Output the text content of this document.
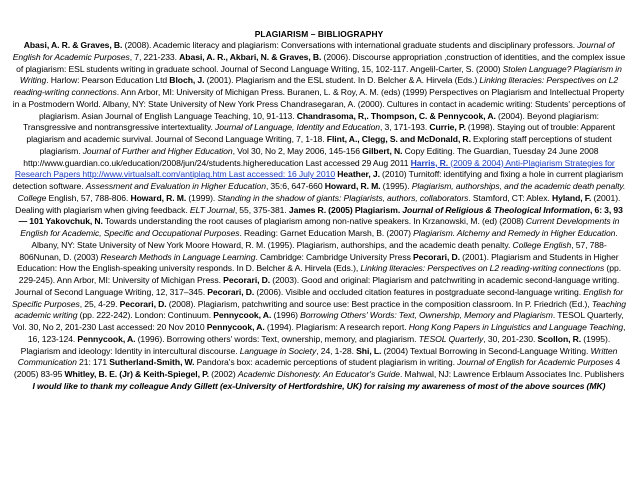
PLAGIARISM – BIBLIOGRAPHY
Abasi, A. R. & Graves, B. (2008). Academic literacy and plagiarism: Conversations with international graduate students and disciplinary professors. Journal of English for Academic Purposes, 7, 221-233. Abasi, A. R., Akbari, N. & Graves, B. (2006). Discourse appropriation ,construction of identities, and the complex issue of plagiarism: ESL students writing in graduate school. Journal of Second Language Writing, 15, 102-117. Angelil-Carter, S. (2000) Stolen Language? Plagiarism in Writing. Harlow: Pearson Education Ltd Bloch, J. (2001). Plagiarism and the ESL student. In D. Belcher & A. Hirvela (Eds.) Linking literacies: Perspectives on L2 reading-writing connections. Ann Arbor, MI: University of Michigan Press. Buranen, L. & Roy, A. M. (eds) (1999) Perspectives on Plagiarism and Intellectual Property in a Postmodern World. Albany, NY: State University of New York Press Chandrasegaran, A. (2000). Cultures in contact in academic writing: Students' perceptions of plagiarism. Asian Journal of English Language Teaching, 10, 91-113. Chandrasoma, R,. Thompson, C. & Pennycook, A. (2004). Beyond plagiarism: Transgressive and nontransgressive intertextuality. Journal of Language, Identity and Education, 3, 171-193. Currie, P. (1998). Staying out of trouble: Apparent plagiarism and academic survival. Journal of Second Language Writing, 7, 1-18. Flint, A., Clegg, S. and McDonald, R. Exploring staff perceptions of student plagiarism. Journal of Further and Higher Education, Vol 30, No 2, May 2006, 145-156 Gilbert, N. Copy Editing. The Guardian, Tuesday 24 June 2008 http://www.guardian.co.uk/education/2008/jun/24/students.highereducation Last accessed 29 Aug 2011 Harris, R. (2009 & 2004) Anti-Plagiarism Strategies for Research Papers http://www.virtualsalt.com/antiplag.htm Last accessed: 16 July 2010 Heather, J. (2010) Turnitoff: identifying and fixing a hole in current plagiarism detection software. Assessment and Evaluation in Higher Education, 35:6, 647-660 Howard, R. M. (1995). Plagiarism, authorships, and the academic death penalty. College English, 57, 788-806. Howard, R. M. (1999). Standing in the shadow of giants: Plagiarists, authors, collaborators. Stamford, CT: Ablex. Hyland, F. (2001). Dealing with plagiarism when giving feedback. ELT Journal, 55, 375-381. James R. (2005) Plagiarism. Journal of Religious & Theological Information, 6: 3, 93 — 101 Yakovchuk, N. Towards understanding the root causes of plagiarism among non-native speakers. In Krzanowski, M. (ed) (2008) Current Developments in English for Academic, Specific and Occupational Purposes. Reading: Garnet Education Marsh, B. (2007) Plagiarism. Alchemy and Remedy in Higher Education. Albany, NY: State University of New York Moore Howard, R. M. (1995). Plagiarism, authorships, and the academic death penalty. College English, 57, 788-806Nunan, D. (2003) Research Methods in Language Learning. Cambridge: Cambridge University Press Pecorari, D. (2001). Plagiarism and Students in Higher Education: How the English-speaking university responds. In D. Belcher & A. Hirvela (Eds.), Linking literacies: Perspectives on L2 reading-writing connections (pp. 229-245). Ann Arbor, MI: University of Michigan Press. Pecorari, D. (2003). Good and original: Plagiarism and patchwriting in academic second-language writing. Journal of Second Language Writing, 12, 317–345. Pecorari, D. (2006). Visible and occluded citation features in postgraduate second-language writing. English for Specific Purposes, 25, 4-29. Pecorari, D. (2008). Plagiarism, patchwriting and source use: Best practice in the composition classroom. In P. Friedrich (Ed.), Teaching academic writing (pp. 222-242). London: Continuum. Pennycook, A. (1996) Borrowing Others' Words: Text, Ownership, Memory and Plagiarism. TESOL Quarterly, Vol. 30, No 2, 201-230 Last accessed: 20 Nov 2010 Pennycook, A. (1994). Plagiarism: A research report. Hong Kong Papers in Linguistics and Language Teaching, 16, 123-124. Pennycook, A. (1996). Borrowing others' words: Text, ownership, memory, and plagiarism. TESOL Quarterly, 30, 201-230. Scollon, R. (1995). Plagiarism and ideology: Identity in intercultural discourse. Language in Society, 24, 1-28. Shi, L. (2004) Textual Borrowing in Second-Language Writing. Written Communication 21: 171 Sutherland-Smith, W. Pandora's box: academic perceptions of student plagiarism in writing. Journal of English for Academic Purposes 4 (2005) 83-95 Whitley, B. E. (Jr) & Keith-Spiegel, P. (2002) Academic Dishonesty. An Educator's Guide. Mahwal, NJ: Lawrence Erblaum Associates Inc. Publishers I would like to thank my colleague Andy Gillett (ex-University of Hertfordshire, UK) for raising my awareness of most of the above sources (MK)
